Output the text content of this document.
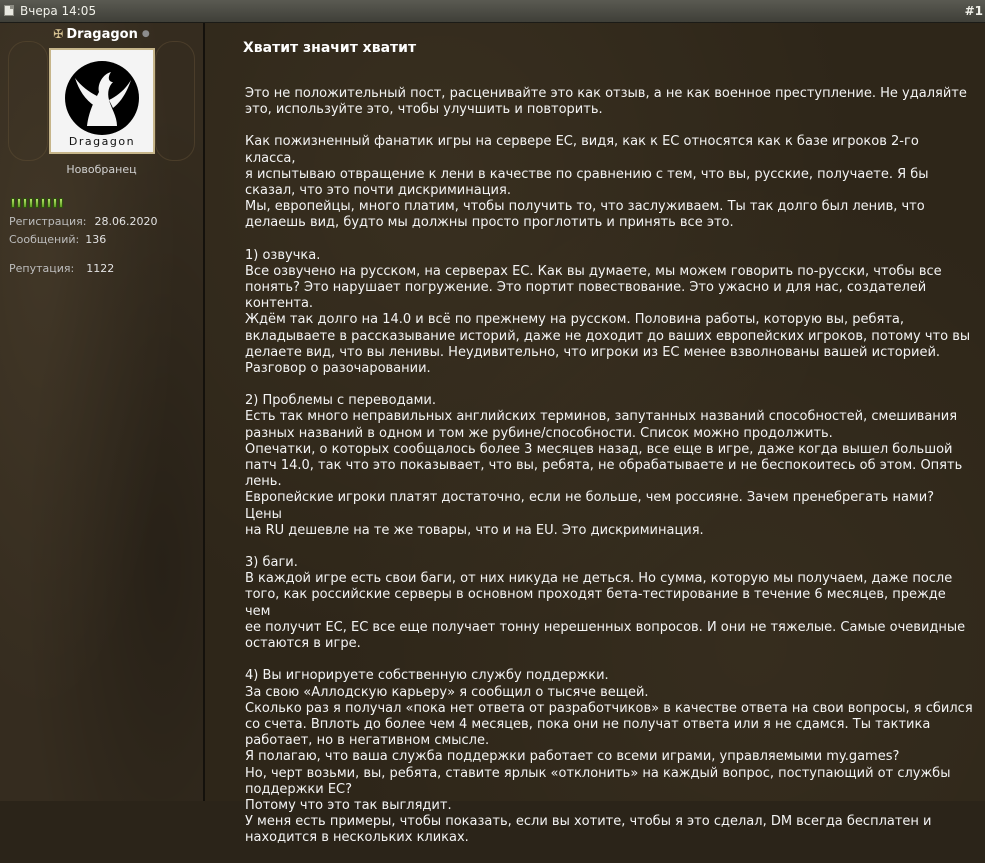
Вчера 14:05	#1
✠ Dragagon ●
Dragagon
Новобранец
Регистрация: 28.06.2020
Сообщений: 136
Репутация: 1122
Хватит значит хватит

Это не положительный пост, расценивайте это как отзыв, а не как военное преступление. Не удаляйте
это, используйте это, чтобы улучшить и повторить.

Как пожизненный фанатик игры на сервере ЕС, видя, как к ЕС относятся как к базе игроков 2-го класса,
я испытываю отвращение к лени в качестве по сравнению с тем, что вы, русские, получаете. Я бы
сказал, что это почти дискриминация.
Мы, европейцы, много платим, чтобы получить то, что заслуживаем. Ты так долго был ленив, что
делаешь вид, будто мы должны просто проглотить и принять все это.

1) озвучка.
Все озвучено на русском, на серверах ЕС. Как вы думаете, мы можем говорить по-русски, чтобы все
понять? Это нарушает погружение. Это портит повествование. Это ужасно и для нас, создателей
контента.
Ждём так долго на 14.0 и всё по прежнему на русском. Половина работы, которую вы, ребята,
вкладываете в рассказывание историй, даже не доходит до ваших европейских игроков, потому что вы
делаете вид, что вы ленивы. Неудивительно, что игроки из ЕС менее взволнованы вашей историей.
Разговор о разочаровании.

2) Проблемы с переводами.
Есть так много неправильных английских терминов, запутанных названий способностей, смешивания
разных названий в одном и том же рубине/способности. Список можно продолжить.
Опечатки, о которых сообщалось более 3 месяцев назад, все еще в игре, даже когда вышел большой
патч 14.0, так что это показывает, что вы, ребята, не обрабатываете и не беспокоитесь об этом. Опять
лень.
Европейские игроки платят достаточно, если не больше, чем россияне. Зачем пренебрегать нами? Цены
на RU дешевле на те же товары, что и на EU. Это дискриминация.

3) баги.
В каждой игре есть свои баги, от них никуда не деться. Но сумма, которую мы получаем, даже после
того, как российские серверы в основном проходят бета-тестирование в течение 6 месяцев, прежде чем
ее получит ЕС, ЕС все еще получает тонну нерешенных вопросов. И они не тяжелые. Самые очевидные
остаются в игре.

4) Вы игнорируете собственную службу поддержки.
За свою «Аллодскую карьеру» я сообщил о тысяче вещей.
Сколько раз я получал «пока нет ответа от разработчиков» в качестве ответа на свои вопросы, я сбился
со счета. Вплоть до более чем 4 месяцев, пока они не получат ответа или я не сдамся. Ты тактика
работает, но в негативном смысле.
Я полагаю, что ваша служба поддержки работает со всеми играми, управляемыми my.games?
Но, черт возьми, вы, ребята, ставите ярлык «отклонить» на каждый вопрос, поступающий от службы
поддержки ЕС?
Потому что это так выглядит.
У меня есть примеры, чтобы показать, если вы хотите, чтобы я это сделал, DM всегда бесплатен и
находится в нескольких кликах.
